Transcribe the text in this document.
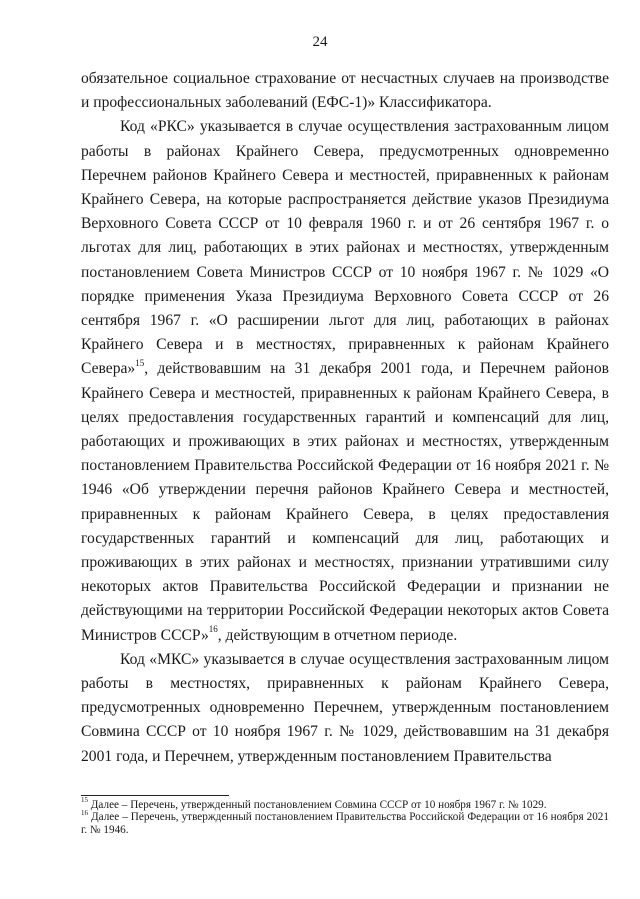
24

обязательное социальное страхование от несчастных случаев на производстве и профессиональных заболеваний (ЕФС-1)» Классификатора.

Код «РКС» указывается в случае осуществления застрахованным лицом работы в районах Крайнего Севера, предусмотренных одновременно Перечнем районов Крайнего Севера и местностей, приравненных к районам Крайнего Севера, на которые распространяется действие указов Президиума Верховного Совета СССР от 10 февраля 1960 г. и от 26 сентября 1967 г. о льготах для лиц, работающих в этих районах и местностях, утвержденным постановлением Совета Министров СССР от 10 ноября 1967 г. № 1029 «О порядке применения Указа Президиума Верховного Совета СССР от 26 сентября 1967 г. «О расширении льгот для лиц, работающих в районах Крайнего Севера и в местностях, приравненных к районам Крайнего Севера»$^{15}$, действовавшим на 31 декабря 2001 года, и Перечнем районов Крайнего Севера и местностей, приравненных к районам Крайнего Севера, в целях предоставления государственных гарантий и компенсаций для лиц, работающих и проживающих в этих районах и местностях, утвержденным постановлением Правительства Российской Федерации от 16 ноября 2021 г. № 1946 «Об утверждении перечня районов Крайнего Севера и местностей, приравненных к районам Крайнего Севера, в целях предоставления государственных гарантий и компенсаций для лиц, работающих и проживающих в этих районах и местностях, признании утратившими силу некоторых актов Правительства Российской Федерации и признании не действующими на территории Российской Федерации некоторых актов Совета Министров СССР»$^{16}$, действующим в отчетном периоде.

Код «МКС» указывается в случае осуществления застрахованным лицом работы в местностях, приравненных к районам Крайнего Севера, предусмотренных одновременно Перечнем, утвержденным постановлением Совмина СССР от 10 ноября 1967 г. № 1029, действовавшим на 31 декабря 2001 года, и Перечнем, утвержденным постановлением Правительства

$^{15}$ Далее – Перечень, утвержденный постановлением Совмина СССР от 10 ноября 1967 г. № 1029.

$^{16}$ Далее – Перечень, утвержденный постановлением Правительства Российской Федерации от 16 ноября 2021 г. № 1946.
